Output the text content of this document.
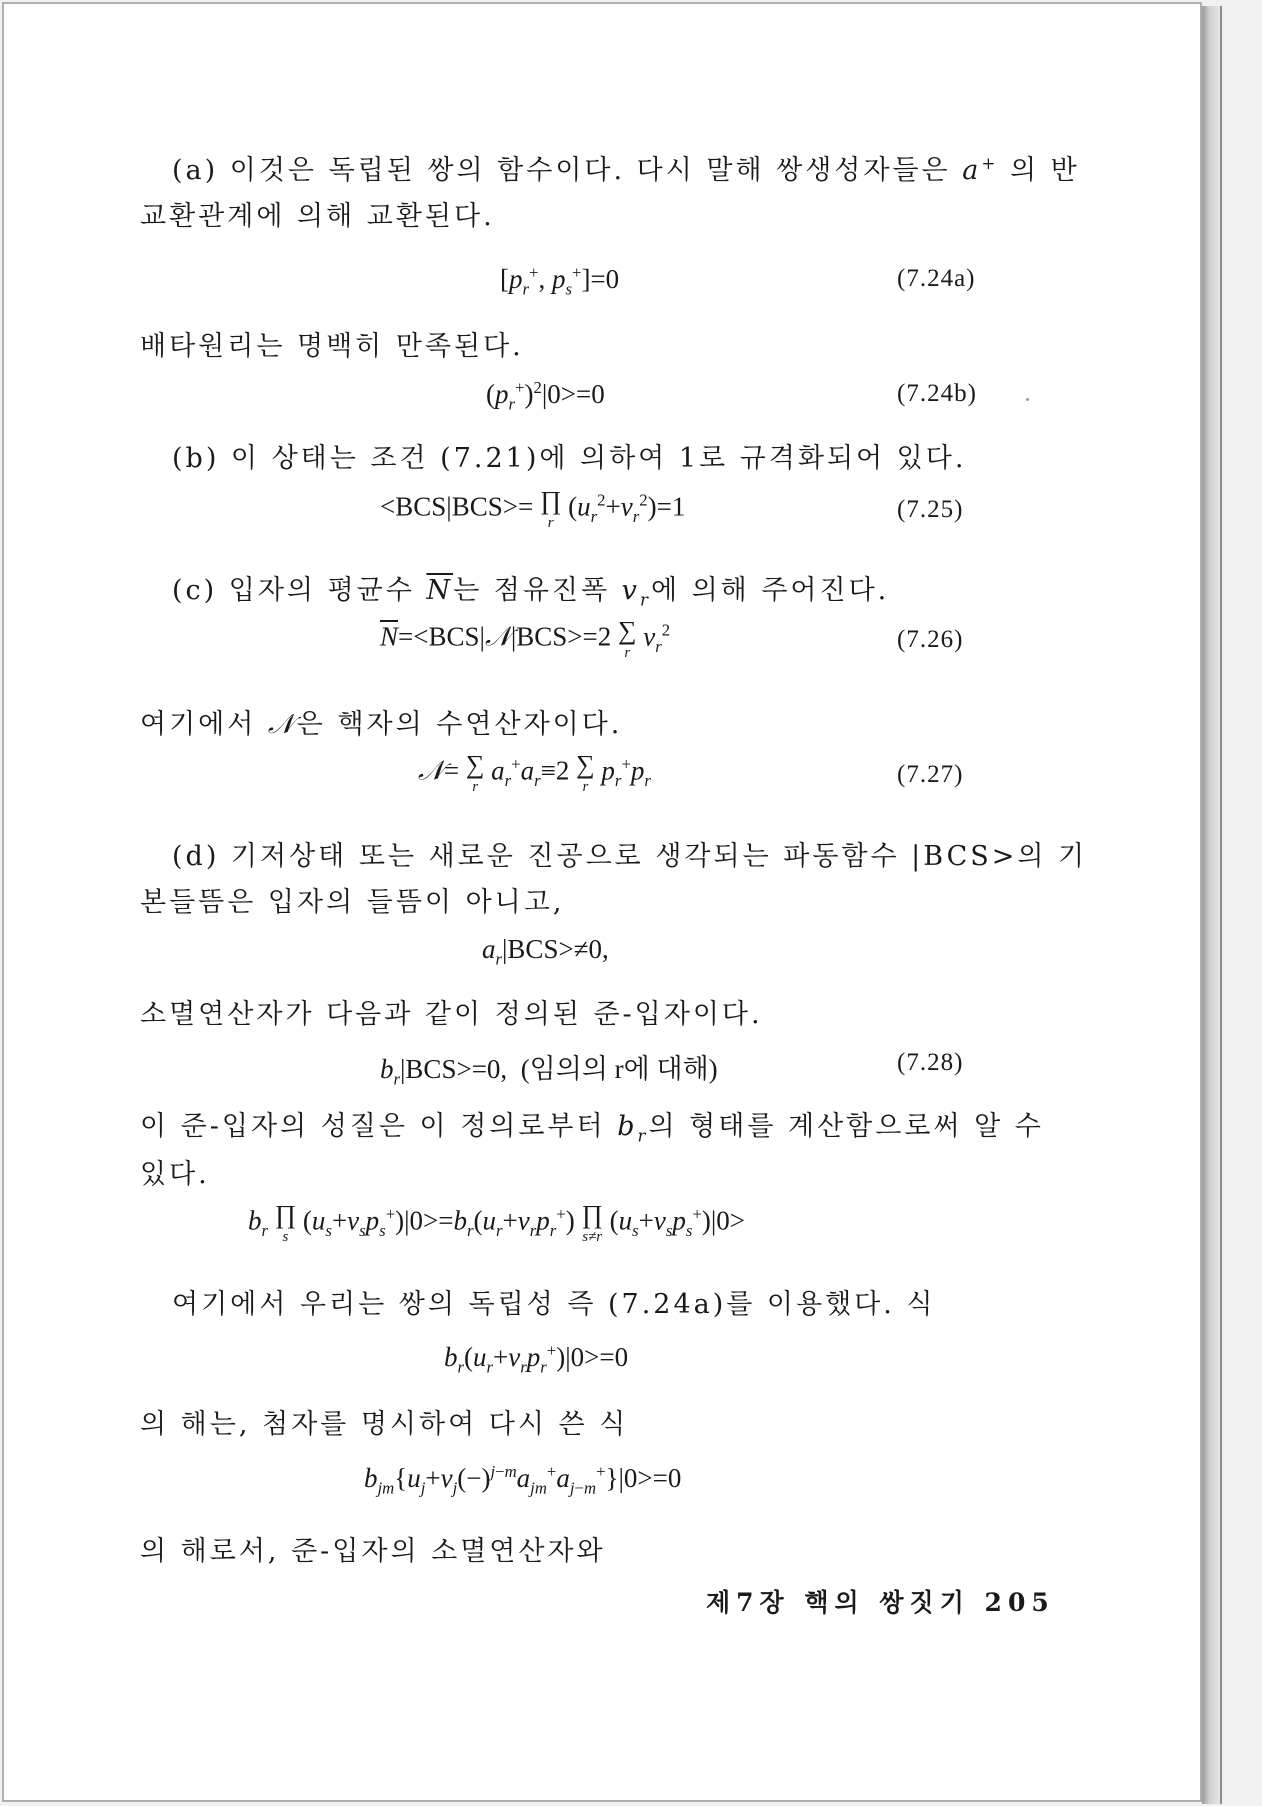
(a) 이것은 독립된 쌍의 함수이다. 다시 말해 쌍생성자들은 a+ 의 반
교환관계에 의해 교환된다.
[$p_r^+$, $p_s^+]=0$	(7.24a)
배타원리는 명백히 만족된다.
$(p_r^+)^2|0>=0$	(7.24b)
(b) 이 상태는 조건 (7.21)에 의하여 1로 규격화되어 있다.
<BCS|BCS>= ∏
r
$(u_r^2+v_r^2)=1$	(7.25)
(c) 입자의 평균수 $\overline{N}$는 점유진폭 $v_r$에 의해 주어진다.
$\overline{N}=<BCS|𝒩|BCS>=2$ ∑
r
$v_r^2$	(7.26)
여기에서 𝒩은 핵자의 수연산자이다.
𝒩= ∑
r
$a_r^+a_r\equiv 2$ ∑
r
$p_r^+p_r$	(7.27)
(d) 기저상태 또는 새로운 진공으로 생각되는 파동함수 |BCS>의 기
본들뜸은 입자의 들뜸이 아니고,
$a_r|BCS>\ne 0$,
소멸연산자가 다음과 같이 정의된 준-입자이다.
$b_r|BCS>=0$,  (임의의 r에 대해)	(7.28)
이 준-입자의 성질은 이 정의로부터 $b_r$의 형태를 계산함으로써 알 수
있다.
$b_r$
∏
s
$(u_s+v_sp_s^+)|0>=b_r(u_r+v_rp_r^+)$ ∏
s≠r
$(u_s+v_sp_s^+)|0>$
여기에서 우리는 쌍의 독립성 즉 (7.24a)를 이용했다. 식
$b_r(u_r+v_rp_r^+)|0>=0$
의 해는, 첨자를 명시하여 다시 쓴 식
$b_{jm}\{u_j+v_j(-)^{j-m}a_{jm}^+a_{j-m}^+\}|0>=0$
의 해로서, 준-입자의 소멸연산자와
제7장 핵의 쌍짓기 205
